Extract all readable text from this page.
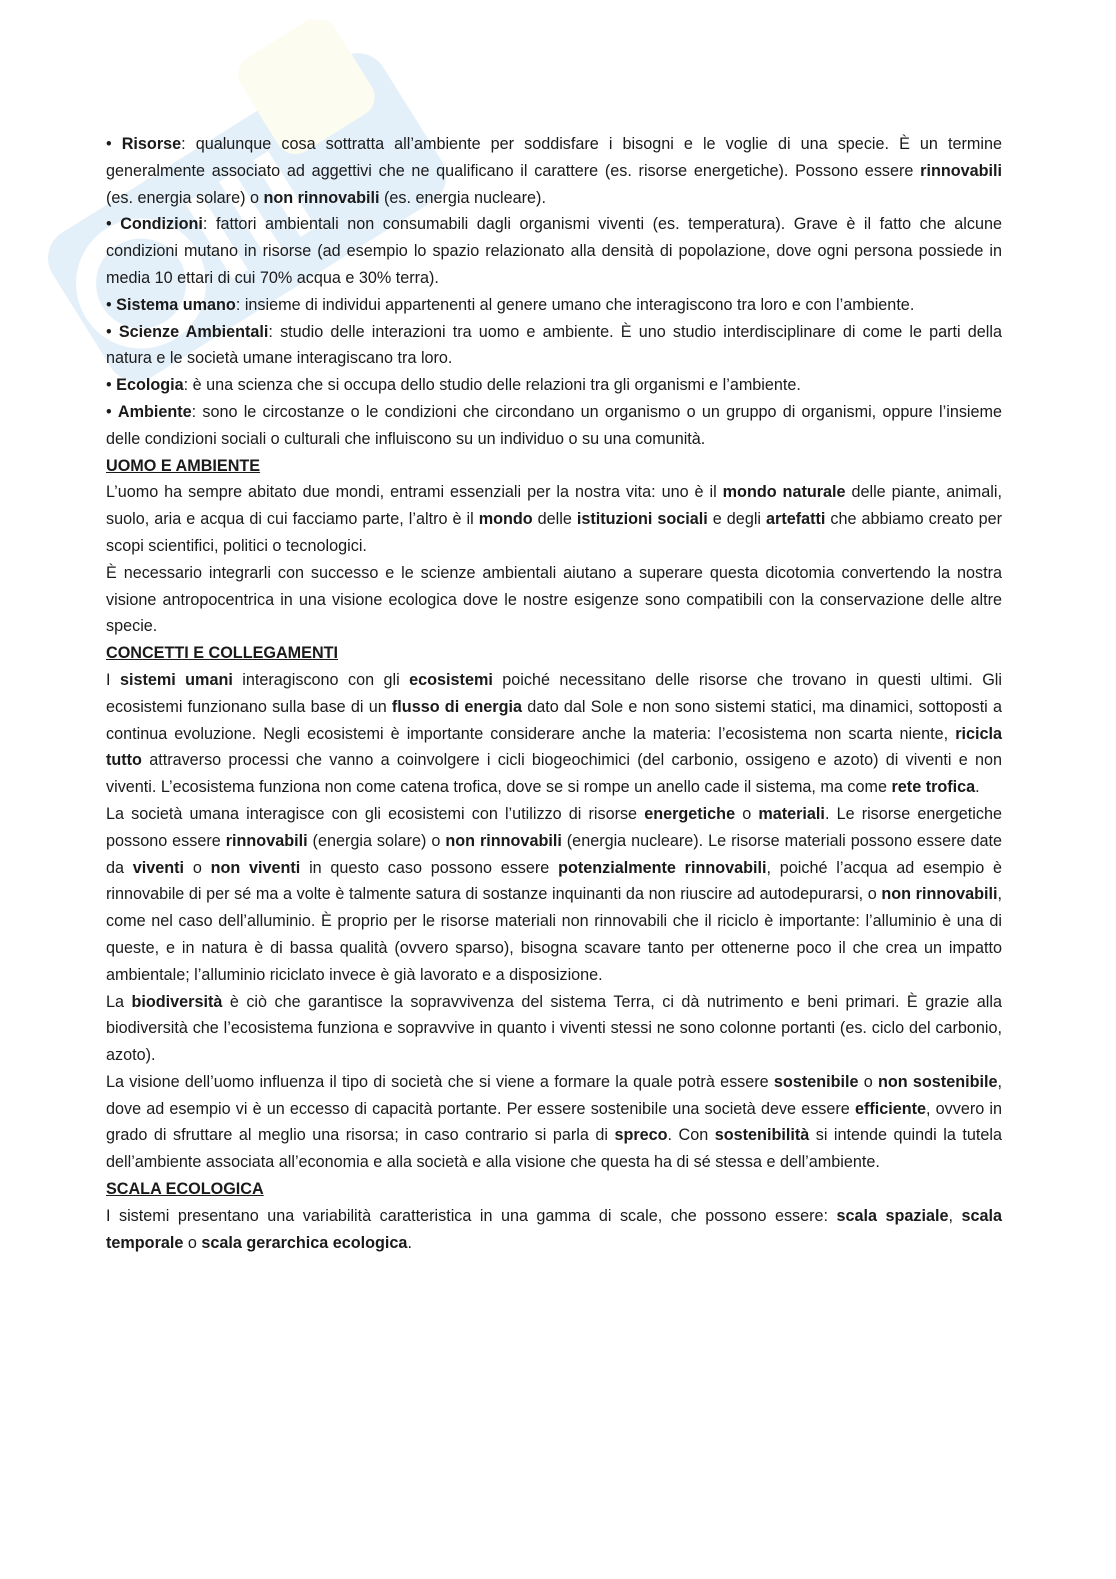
• Risorse: qualunque cosa sottratta all’ambiente per soddisfare i bisogni e le voglie di una specie. È un termine generalmente associato ad aggettivi che ne qualificano il carattere (es. risorse energetiche). Possono essere rinnovabili (es. energia solare) o non rinnovabili (es. energia nucleare).

• Condizioni: fattori ambientali non consumabili dagli organismi viventi (es. temperatura). Grave è il fatto che alcune condizioni mutano in risorse (ad esempio lo spazio relazionato alla densità di popolazione, dove ogni persona possiede in media 10 ettari di cui 70% acqua e 30% terra).

• Sistema umano: insieme di individui appartenenti al genere umano che interagiscono tra loro e con l’ambiente.

• Scienze Ambientali: studio delle interazioni tra uomo e ambiente. È uno studio interdisciplinare di come le parti della natura e le società umane interagiscano tra loro.

• Ecologia: è una scienza che si occupa dello studio delle relazioni tra gli organismi e l’ambiente.

• Ambiente: sono le circostanze o le condizioni che circondano un organismo o un gruppo di organismi, oppure l’insieme delle condizioni sociali o culturali che influiscono su un individuo o su una comunità.

UOMO E AMBIENTE

L’uomo ha sempre abitato due mondi, entrami essenziali per la nostra vita: uno è il mondo naturale delle piante, animali, suolo, aria e acqua di cui facciamo parte, l’altro è il mondo delle istituzioni sociali e degli artefatti che abbiamo creato per scopi scientifici, politici o tecnologici.

È necessario integrarli con successo e le scienze ambientali aiutano a superare questa dicotomia convertendo la nostra visione antropocentrica in una visione ecologica dove le nostre esigenze sono compatibili con la conservazione delle altre specie.

CONCETTI E COLLEGAMENTI

I sistemi umani interagiscono con gli ecosistemi poiché necessitano delle risorse che trovano in questi ultimi. Gli ecosistemi funzionano sulla base di un flusso di energia dato dal Sole e non sono sistemi statici, ma dinamici, sottoposti a continua evoluzione. Negli ecosistemi è importante considerare anche la materia: l’ecosistema non scarta niente, ricicla tutto attraverso processi che vanno a coinvolgere i cicli biogeochimici (del carbonio, ossigeno e azoto) di viventi e non viventi. L’ecosistema funziona non come catena trofica, dove se si rompe un anello cade il sistema, ma come rete trofica.

La società umana interagisce con gli ecosistemi con l’utilizzo di risorse energetiche o materiali. Le risorse energetiche possono essere rinnovabili (energia solare) o non rinnovabili (energia nucleare). Le risorse materiali possono essere date da viventi o non viventi in questo caso possono essere potenzialmente rinnovabili, poiché l’acqua ad esempio è rinnovabile di per sé ma a volte è talmente satura di sostanze inquinanti da non riuscire ad autodepurarsi, o non rinnovabili, come nel caso dell’alluminio. È proprio per le risorse materiali non rinnovabili che il riciclo è importante: l’alluminio è una di queste, e in natura è di bassa qualità (ovvero sparso), bisogna scavare tanto per ottenerne poco il che crea un impatto ambientale; l’alluminio riciclato invece è già lavorato e a disposizione.

La biodiversità è ciò che garantisce la sopravvivenza del sistema Terra, ci dà nutrimento e beni primari. È grazie alla biodiversità che l’ecosistema funziona e sopravvive in quanto i viventi stessi ne sono colonne portanti (es. ciclo del carbonio, azoto).

La visione dell’uomo influenza il tipo di società che si viene a formare la quale potrà essere sostenibile o non sostenibile, dove ad esempio vi è un eccesso di capacità portante. Per essere sostenibile una società deve essere efficiente, ovvero in grado di sfruttare al meglio una risorsa; in caso contrario si parla di spreco. Con sostenibilità si intende quindi la tutela dell’ambiente associata all’economia e alla società e alla visione che questa ha di sé stessa e dell’ambiente.

SCALA ECOLOGICA

I sistemi presentano una variabilità caratteristica in una gamma di scale, che possono essere: scala spaziale, scala temporale o scala gerarchica ecologica.
